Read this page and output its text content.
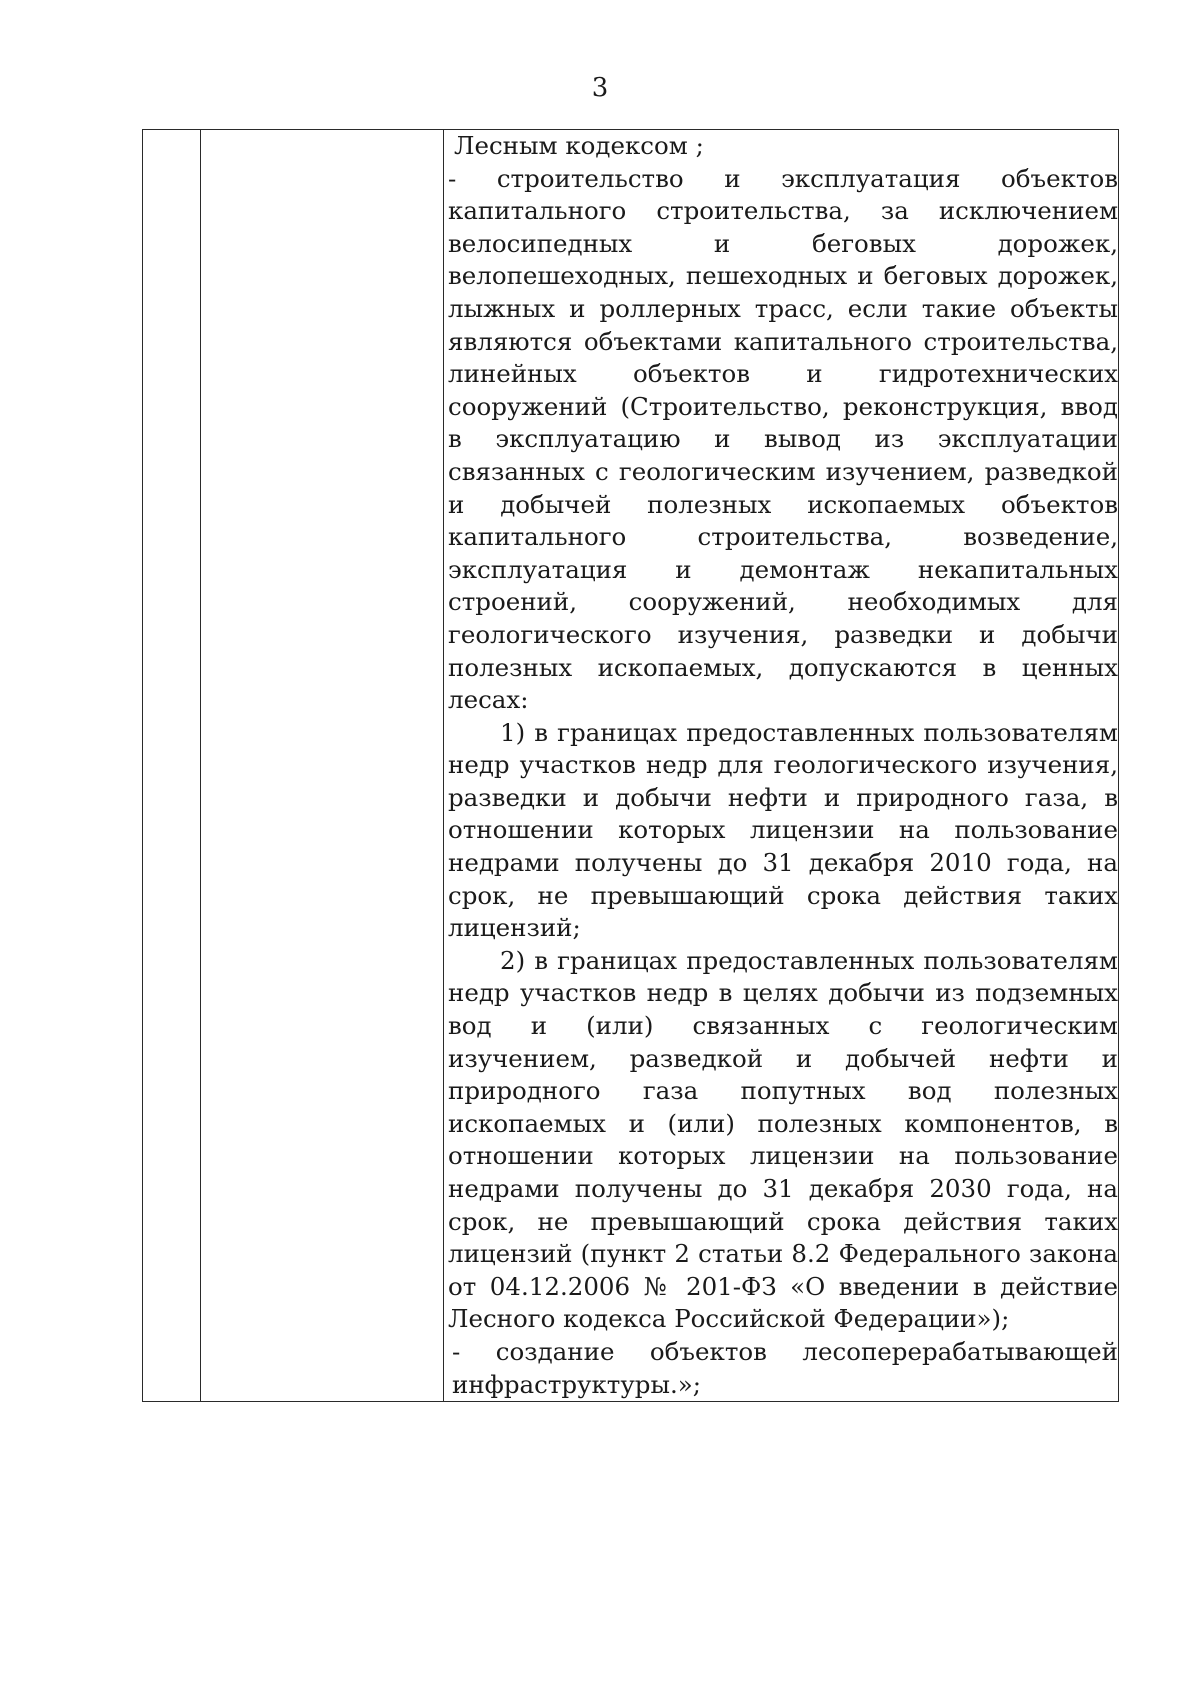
3

Лесным кодексом ;

- строительство и эксплуатация объектов капитального строительства, за исключением велосипедных и беговых дорожек, велопешеходных, пешеходных и беговых дорожек, лыжных и роллерных трасс, если такие объекты являются объектами капитального строительства, линейных объектов и гидротехнических сооружений (Строительство, реконструкция, ввод в эксплуатацию и вывод из эксплуатации связанных с геологическим изучением, разведкой и добычей полезных ископаемых объектов капитального строительства, возведение, эксплуатация и демонтаж некапитальных строений, сооружений, необходимых для геологического изучения, разведки и добычи полезных ископаемых, допускаются в ценных лесах:

1) в границах предоставленных пользователям недр участков недр для геологического изучения, разведки и добычи нефти и природного газа, в отношении которых лицензии на пользование недрами получены до 31 декабря 2010 года, на срок, не превышающий срока действия таких лицензий;

2) в границах предоставленных пользователям недр участков недр в целях добычи из подземных вод и (или) связанных с геологическим изучением, разведкой и добычей нефти и природного газа попутных вод полезных ископаемых и (или) полезных компонентов, в отношении которых лицензии на пользование недрами получены до 31 декабря 2030 года, на срок, не превышающий срока действия таких лицензий (пункт 2 статьи 8.2 Федерального закона от 04.12.2006 № 201-ФЗ «О введении в действие Лесного кодекса Российской Федерации»);

- создание объектов лесоперерабатывающей инфраструктуры.»;
